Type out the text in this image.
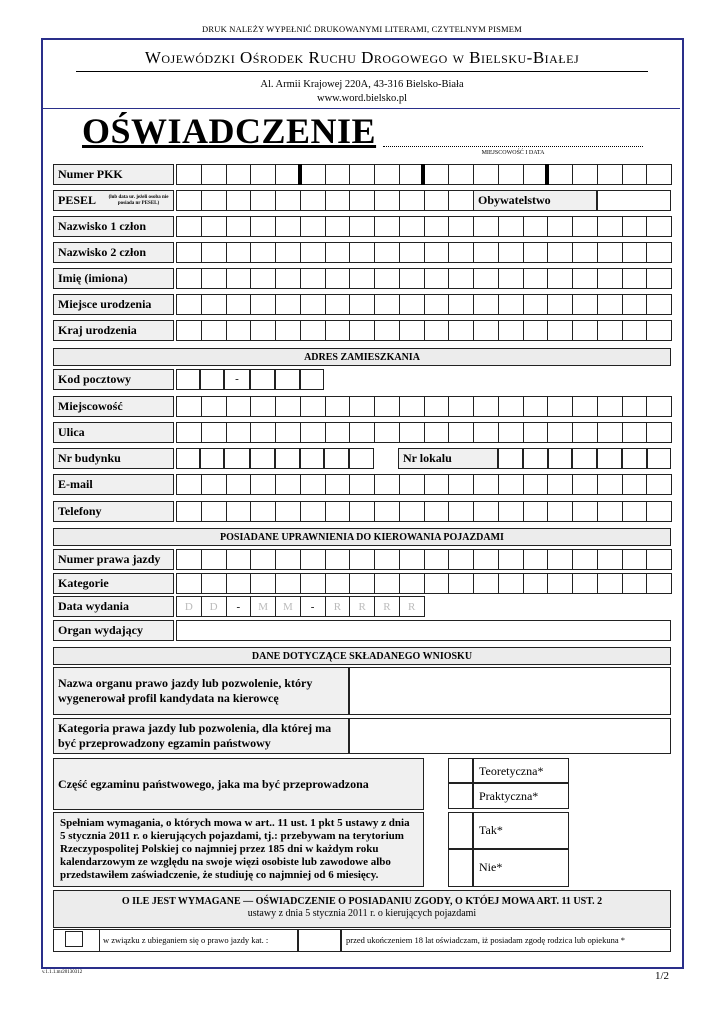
DRUK NALEŻY WYPEŁNIĆ DRUKOWANYMI LITERAMI, CZYTELNYM PISMEM
Wojewódzki Ośrodek Ruchu Drogowego w Bielsku-Białej
Al. Armii Krajowej 220A, 43-316 Bielsko-Biała
www.word.bielsko.pl
OŚWIADCZENIE
MIEJSCOWOŚĆ I DATA
Numer PKK
PESEL	(lub data ur. jeżeli osoba nie posiada nr PESEL)	Obywatelstwo
Nazwisko 1 człon
Nazwisko 2 człon
Imię (imiona)
Miejsce urodzenia
Kraj urodzenia
ADRES ZAMIESZKANIA
Kod pocztowy	-
Miejscowość
Ulica
Nr budynku	Nr lokalu
E-mail
Telefony
POSIADANE UPRAWNIENIA DO KIEROWANIA POJAZDAMI
Numer prawa jazdy
Kategorie
Data wydania	D	D	-	M	M	-	R	R	R	R
Organ wydający
DANE DOTYCZĄCE SKŁADANEGO WNIOSKU
Nazwa organu prawo jazdy lub pozwolenie, który wygenerował profil kandydata na kierowcę
Kategoria prawa jazdy lub pozwolenia, dla której ma być przeprowadzony egzamin państwowy
Część egzaminu państwowego, jaka ma być przeprowadzona
Teoretyczna*
Praktyczna*
Spełniam wymagania, o których mowa w art.. 11 ust. 1 pkt 5 ustawy z dnia 5 stycznia 2011 r. o kierujących pojazdami, tj.: przebywam na terytorium Rzeczypospolitej Polskiej co najmniej przez 185 dni w każdym roku kalendarzowym ze względu na swoje więzi osobiste lub zawodowe albo przedstawiłem zaświadczenie, że studiuję co najmniej od 6 miesięcy.
Tak*
Nie*
O ILE JEST WYMAGANE — OŚWIADCZENIE O POSIADANIU ZGODY, O KTÓEJ MOWA ART. 11 UST. 2
ustawy z dnia 5 stycznia 2011 r. o kierujących pojazdami
w związku z ubieganiem się o prawo jazdy kat. :	przed ukończeniem 18 lat oświadczam, iż posiadam zgodę rodzica lub opiekuna *
v.1.1.1.mr20130312	1/2
